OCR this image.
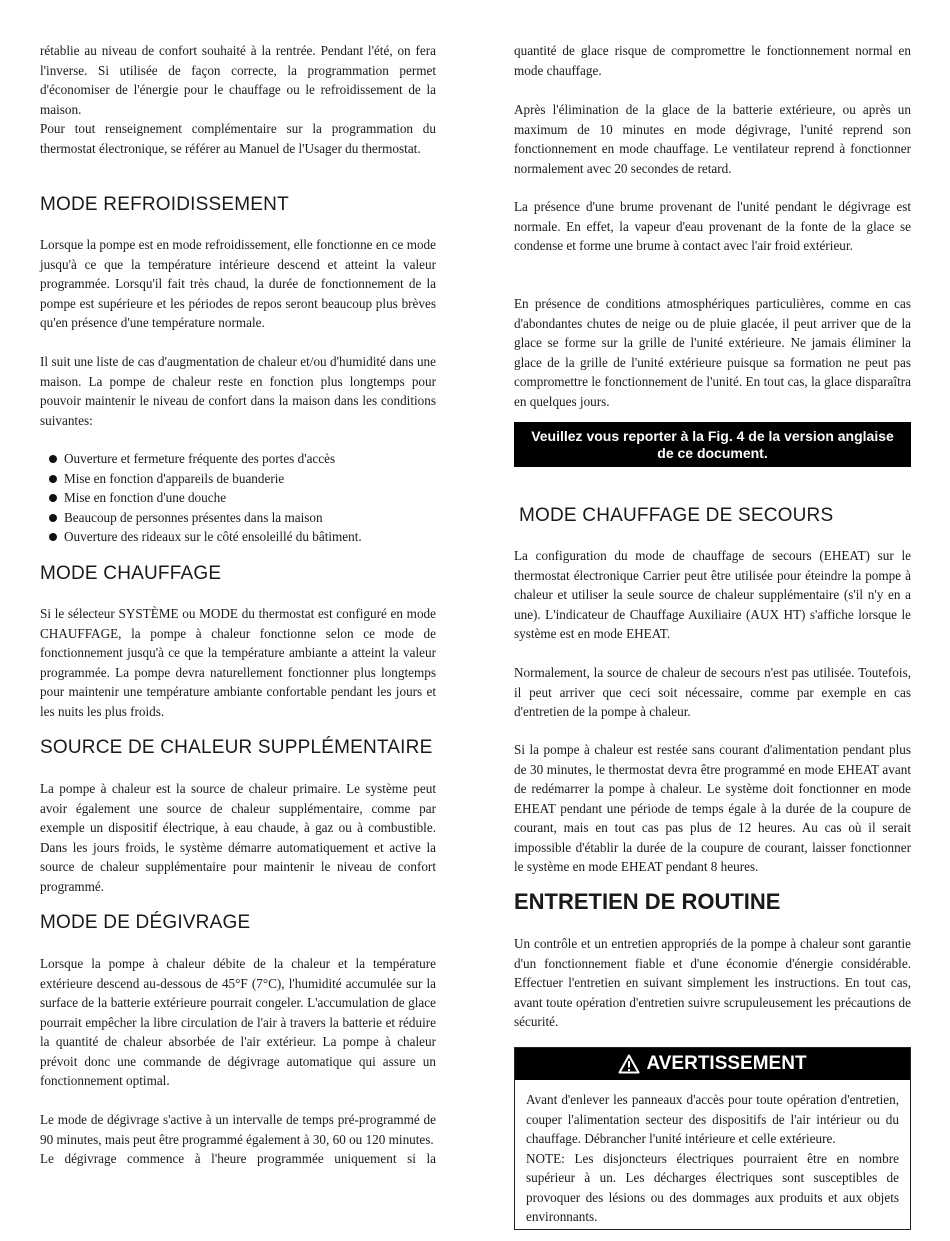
rétablie au niveau de confort souhaité à la rentrée. Pendant l'été, on fera l'inverse. Si utilisée de façon correcte, la programmation permet d'économiser de l'énergie pour le chauffage ou le refroidissement de la maison.

Pour tout renseignement complémentaire sur la programmation du thermostat électronique, se référer au Manuel de l'Usager du thermostat.

MODE REFROIDISSEMENT

Lorsque la pompe est en mode refroidissement, elle fonctionne en ce mode jusqu'à ce que la température intérieure descend et atteint la valeur programmée. Lorsqu'il fait très chaud, la durée de fonctionnement de la pompe est supérieure et les périodes de repos seront beaucoup plus brèves qu'en présence d'une température normale.

Il suit une liste de cas d'augmentation de chaleur et/ou d'humidité dans une maison. La pompe de chaleur reste en fonction plus longtemps pour pouvoir maintenir le niveau de confort dans la maison dans les conditions suivantes:

Ouverture et fermeture fréquente des portes d'accès
Mise en fonction d'appareils de buanderie
Mise en fonction d'une douche
Beaucoup de personnes présentes dans la maison
Ouverture des rideaux sur le côté ensoleillé du bâtiment.
MODE CHAUFFAGE

Si le sélecteur SYSTÈME ou MODE du thermostat est configuré en mode CHAUFFAGE, la pompe à chaleur fonctionne selon ce mode de fonctionnement jusqu'à ce que la température ambiante a atteint la valeur programmée. La pompe devra naturellement fonctionner plus longtemps pour maintenir une température ambiante confortable pendant les jours et les nuits les plus froids.

SOURCE DE CHALEUR SUPPLÉMENTAIRE

La pompe à chaleur est la source de chaleur primaire. Le système peut avoir également une source de chaleur supplémentaire, comme par exemple un dispositif électrique, à eau chaude, à gaz ou à combustible. Dans les jours froids, le système démarre automatiquement et active la source de chaleur supplémentaire pour maintenir le niveau de confort programmé.

MODE DE DÉGIVRAGE

Lorsque la pompe à chaleur débite de la chaleur et la température extérieure descend au-dessous de 45°F (7°C), l'humidité accumulée sur la surface de la batterie extérieure pourrait congeler. L'accumulation de glace pourrait empêcher la libre circulation de l'air à travers la batterie et réduire la quantité de chaleur absorbée de l'air extérieur. La pompe à chaleur prévoit donc une commande de dégivrage automatique qui assure un fonctionnement optimal.

Le mode de dégivrage s'active à un intervalle de temps pré-programmé de 90 minutes, mais peut être programmé également à 30, 60 ou 120 minutes.

Le dégivrage commence à l'heure programmée uniquement si la

quantité de glace risque de compromettre le fonctionnement normal en mode chauffage.

Après l'élimination de la glace de la batterie extérieure, ou après un maximum de 10 minutes en mode dégivrage, l'unité reprend son fonctionnement en mode chauffage. Le ventilateur reprend à fonctionner normalement avec 20 secondes de retard.

La présence d'une brume provenant de l'unité pendant le dégivrage est normale. En effet, la vapeur d'eau provenant de la fonte de la glace se condense et forme une brume à contact avec l'air froid extérieur.

En présence de conditions atmosphériques particulières, comme en cas d'abondantes chutes de neige ou de pluie glacée, il peut arriver que de la glace se forme sur la grille de l'unité extérieure. Ne jamais éliminer la glace de la grille de l'unité extérieure puisque sa formation ne peut pas compromettre le fonctionnement de l'unité. En tout cas, la glace disparaîtra en quelques jours.

Veuillez vous reporter à la Fig. 4 de la version anglaise de ce document.
MODE CHAUFFAGE DE SECOURS

La configuration du mode de chauffage de secours (EHEAT) sur le thermostat électronique Carrier peut être utilisée pour éteindre la pompe à chaleur et utiliser la seule source de chaleur supplémentaire (s'il n'y en a une). L'indicateur de Chauffage Auxiliaire (AUX HT) s'affiche lorsque le système est en mode EHEAT.

Normalement, la source de chaleur de secours n'est pas utilisée. Toutefois, il peut arriver que ceci soit nécessaire, comme par exemple en cas d'entretien de la pompe à chaleur.

Si la pompe à chaleur est restée sans courant d'alimentation pendant plus de 30 minutes, le thermostat devra être programmé en mode EHEAT avant de redémarrer la pompe à chaleur. Le système doit fonctionner en mode EHEAT pendant une période de temps égale à la durée de la coupure de courant, mais en tout cas pas plus de 12 heures. Au cas où il serait impossible d'établir la durée de la coupure de courant, laisser fonctionner le système en mode EHEAT pendant 8 heures.

ENTRETIEN DE ROUTINE

Un contrôle et un entretien appropriés de la pompe à chaleur sont garantie d'un fonctionnement fiable et d'une économie d'énergie considérable. Effectuer l'entretien en suivant simplement les instructions. En tout cas, avant toute opération d'entretien suivre scrupuleusement les précautions de sécurité.

AVERTISSEMENT

Avant d'enlever les panneaux d'accès pour toute opération d'entretien, couper l'alimentation secteur des dispositifs de l'air intérieur ou du chauffage. Débrancher l'unité intérieure et celle extérieure.

NOTE: Les disjoncteurs électriques pourraient être en nombre supérieur à un. Les décharges électriques sont susceptibles de provoquer des lésions ou des dommages aux produits et aux objets environnants.
